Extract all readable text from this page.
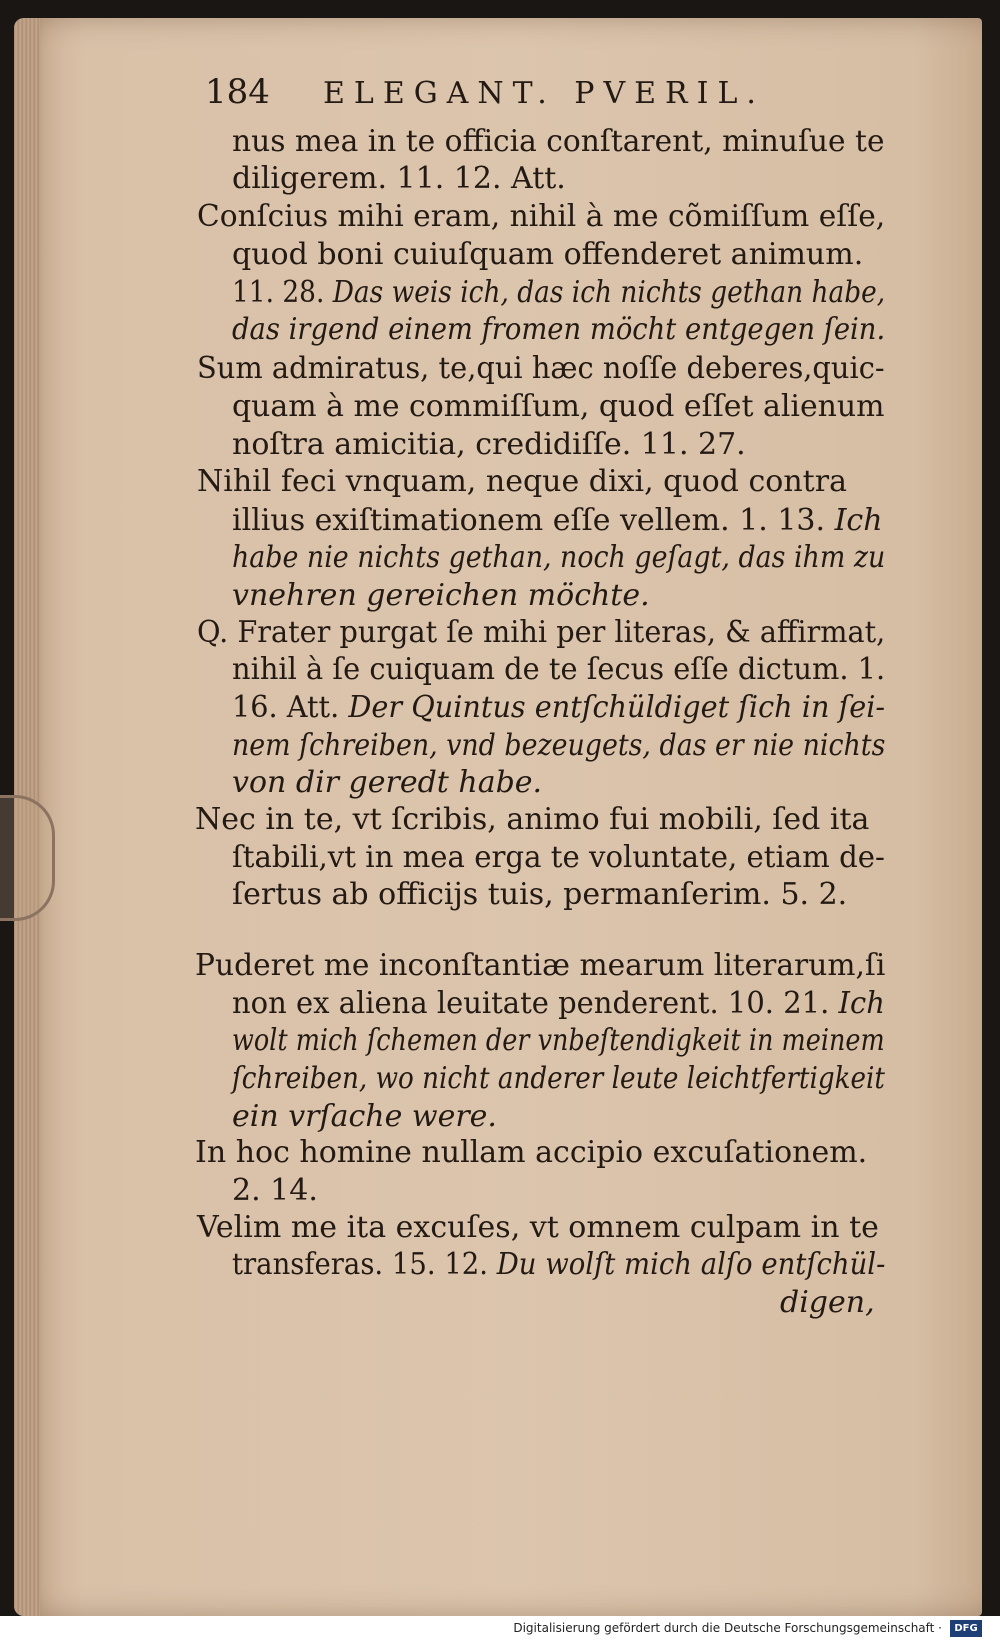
184 ELEGANT. PVERIL.
nus mea in te officia conſtarent, minuſue te
diligerem. 11. 12. Att.
Conſcius mihi eram, nihil à me cõmiſſum eſſe,
quod boni cuiuſquam offenderet animum.
11. 28. Das weis ich, das ich nichts gethan habe,
das irgend einem fromen möcht entgegen ſein.
Sum admiratus, te,qui hæc noſſe deberes,quic-
quam à me commiſſum, quod eſſet alienum
noſtra amicitia, credidiſſe. 11. 27.
Nihil feci vnquam, neque dixi, quod contra
illius exiſtimationem eſſe vellem. 1. 13. Ich
habe nie nichts gethan, noch geſagt, das ihm zu
vnehren gereichen möchte.
Q. Frater purgat ſe mihi per literas, & affirmat,
nihil à ſe cuiquam de te ſecus eſſe dictum. 1.
16. Att. Der Quintus entſchüldiget ſich in ſei-
nem ſchreiben, vnd bezeugets, das er nie nichts
von dir geredt habe.
Nec in te, vt ſcribis, animo fui mobili, ſed ita
ſtabili,vt in mea erga te voluntate, etiam de-
ſertus ab officijs tuis, permanſerim. 5. 2.
Puderet me inconſtantiæ mearum literarum,ſi
non ex aliena leuitate penderent. 10. 21. Ich
wolt mich ſchemen der vnbeſtendigkeit in meinem
ſchreiben, wo nicht anderer leute leichtfertigkeit
ein vrſache were.
In hoc homine nullam accipio excuſationem.
2. 14.
Velim me ita excuſes, vt omnem culpam in te
transferas. 15. 12. Du wolſt mich alſo entſchül-
digen,
Digitalisierung gefördert durch die Deutsche Forschungsgemeinschaft ·	DFG
